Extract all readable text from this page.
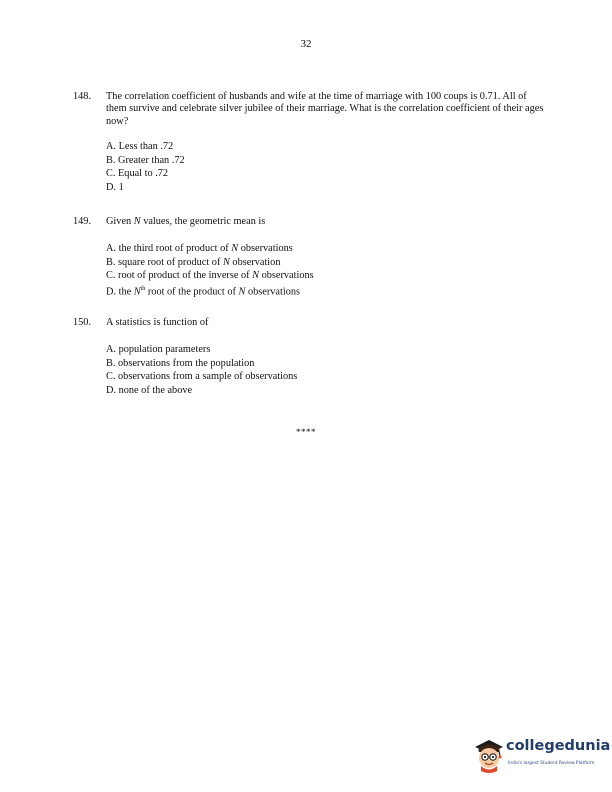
32
148. The correlation coefficient of husbands and wife at the time of marriage with 100 coups is 0.71. All of them survive and celebrate silver jubilee of their marriage. What is the correlation coefficient of their ages now?
A. Less than .72
B. Greater than .72
C. Equal to .72
D. 1
149. Given N values, the geometric mean is
A. the third root of product of N observations
B. square root of product of N observation
C. root of product of the inverse of N observations
D. the $N^{th}$ root of the product of N observations
150. A statistics is function of
A. population parameters
B. observations from the population
C. observations from a sample of observations
D. none of the above
****
collegedunia
India's largest Student Review Platform
